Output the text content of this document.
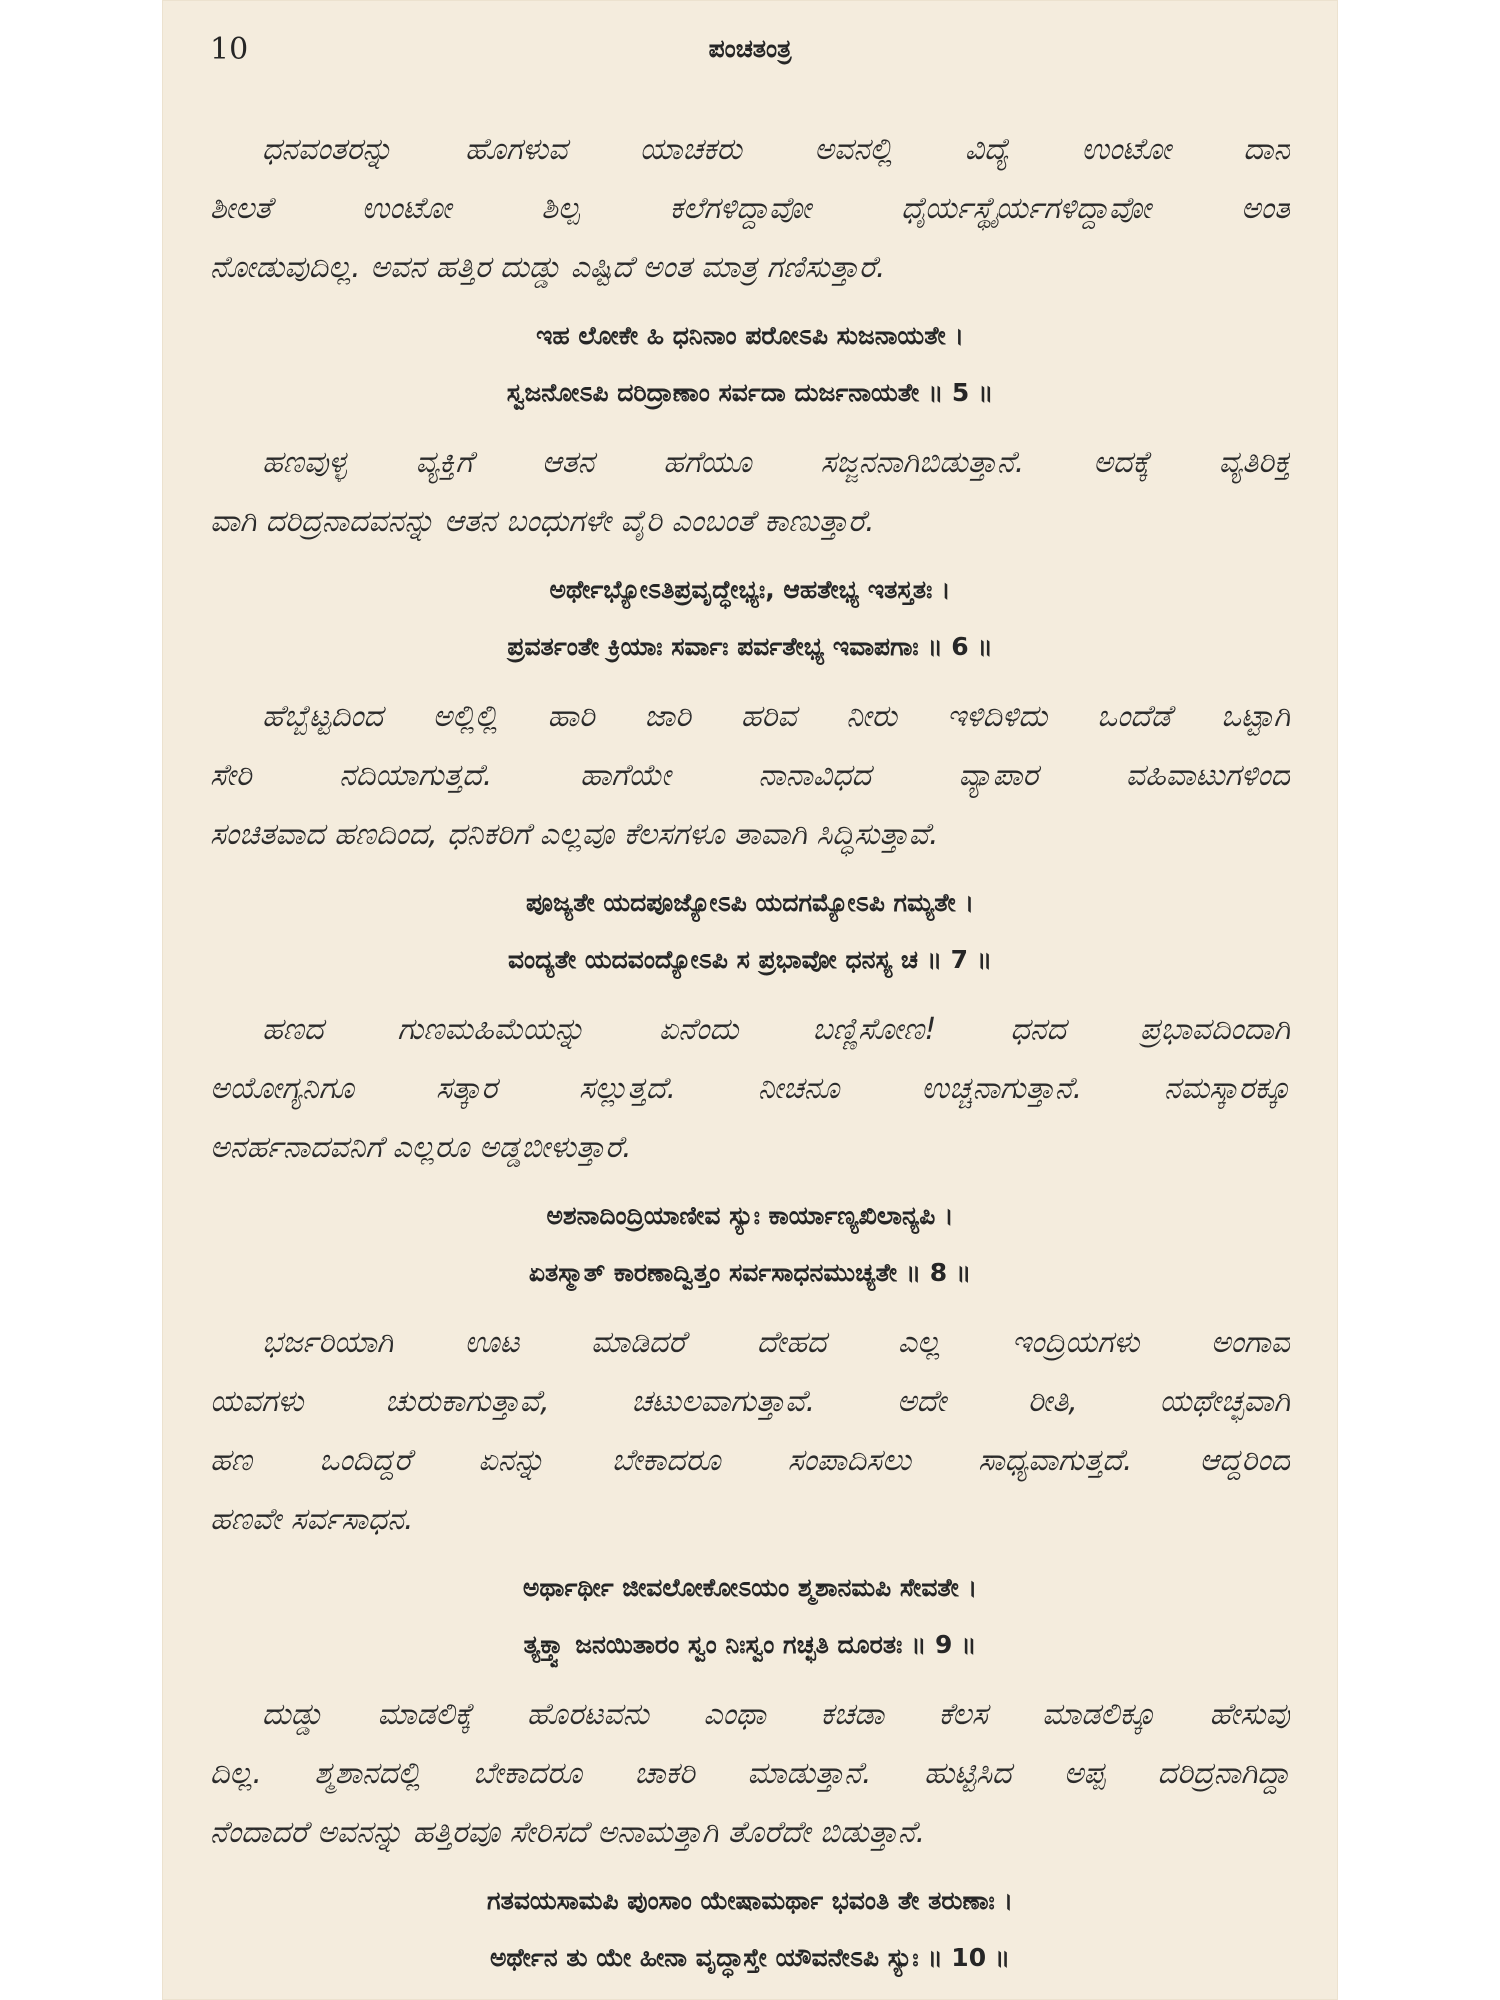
10	ಪಂಚತಂತ್ರ
ಧನವಂತರನ್ನು ಹೊಗಳುವ ಯಾಚಕರು ಅವನಲ್ಲಿ ವಿದ್ಯೆ ಉಂಟೋ ದಾನ
ಶೀಲತೆ ಉಂಟೋ ಶಿಲ್ಪ ಕಲೆಗಳಿದ್ದಾವೋ ಧೈರ್ಯಸ್ಥೈರ್ಯಗಳಿದ್ದಾವೋ ಅಂತ
ನೋಡುವುದಿಲ್ಲ. ಅವನ ಹತ್ತಿರ ದುಡ್ಡು ಎಷ್ಟಿದೆ ಅಂತ ಮಾತ್ರ ಗಣಿಸುತ್ತಾರೆ.
ಇಹ ಲೋಕೇ ಹಿ ಧನಿನಾಂ ಪರೋಽಪಿ ಸುಜನಾಯತೇ ।
ಸ್ವಜನೋಽಪಿ ದರಿದ್ರಾಣಾಂ ಸರ್ವದಾ ದುರ್ಜನಾಯತೇ ॥ 5 ॥
ಹಣವುಳ್ಳ ವ್ಯಕ್ತಿಗೆ ಆತನ ಹಗೆಯೂ ಸಜ್ಜನನಾಗಿಬಿಡುತ್ತಾನೆ. ಅದಕ್ಕೆ ವ್ಯತಿರಿಕ್ತ
ವಾಗಿ ದರಿದ್ರನಾದವನನ್ನು ಆತನ ಬಂಧುಗಳೇ ವೈರಿ ಎಂಬಂತೆ ಕಾಣುತ್ತಾರೆ.
ಅರ್ಥೇಭ್ಯೋಽತಿಪ್ರವೃದ್ಧೇಭ್ಯಃ, ಆಹತೇಭ್ಯ ಇತಸ್ತತಃ ।
ಪ್ರವರ್ತಂತೇ ಕ್ರಿಯಾಃ ಸರ್ವಾಃ ಪರ್ವತೇಭ್ಯ ಇವಾಪಗಾಃ ॥ 6 ॥
ಹೆಬ್ಬೆಟ್ಟದಿಂದ ಅಲ್ಲಿಲ್ಲಿ ಹಾರಿ ಜಾರಿ ಹರಿವ ನೀರು ಇಳಿದಿಳಿದು ಒಂದೆಡೆ ಒಟ್ಟಾಗಿ
ಸೇರಿ ನದಿಯಾಗುತ್ತದೆ. ಹಾಗೆಯೇ ನಾನಾವಿಧದ ವ್ಯಾಪಾರ ವಹಿವಾಟುಗಳಿಂದ
ಸಂಚಿತವಾದ ಹಣದಿಂದ, ಧನಿಕರಿಗೆ ಎಲ್ಲವೂ ಕೆಲಸಗಳೂ ತಾವಾಗಿ ಸಿದ್ಧಿಸುತ್ತಾವೆ.
ಪೂಜ್ಯತೇ ಯದಪೂಜ್ಯೋಽಪಿ ಯದಗಮ್ಯೋಽಪಿ ಗಮ್ಯತೇ ।
ವಂದ್ಯತೇ ಯದವಂದ್ಯೋಽಪಿ ಸ ಪ್ರಭಾವೋ ಧನಸ್ಯ ಚ ॥ 7 ॥
ಹಣದ ಗುಣಮಹಿಮೆಯನ್ನು ಏನೆಂದು ಬಣ್ಣಿಸೋಣ! ಧನದ ಪ್ರಭಾವದಿಂದಾಗಿ
ಅಯೋಗ್ಯನಿಗೂ ಸತ್ಕಾರ ಸಲ್ಲುತ್ತದೆ. ನೀಚನೂ ಉಚ್ಚನಾಗುತ್ತಾನೆ. ನಮಸ್ಕಾರಕ್ಕೂ
ಅನರ್ಹನಾದವನಿಗೆ ಎಲ್ಲರೂ ಅಡ್ಡಬೀಳುತ್ತಾರೆ.
ಅಶನಾದಿಂದ್ರಿಯಾಣೀವ ಸ್ಯುಃ ಕಾರ್ಯಾಣ್ಯಖಿಲಾನ್ಯಪಿ ।
ಏತಸ್ಮಾತ್ ಕಾರಣಾದ್ವಿತ್ತಂ ಸರ್ವಸಾಧನಮುಚ್ಯತೇ ॥ 8 ॥
ಭರ್ಜರಿಯಾಗಿ ಊಟ ಮಾಡಿದರೆ ದೇಹದ ಎಲ್ಲ ಇಂದ್ರಿಯಗಳು ಅಂಗಾವ
ಯವಗಳು ಚುರುಕಾಗುತ್ತಾವೆ, ಚಟುಲವಾಗುತ್ತಾವೆ. ಅದೇ ರೀತಿ, ಯಥೇಚ್ಛವಾಗಿ
ಹಣ ಒಂದಿದ್ದರೆ ಏನನ್ನು ಬೇಕಾದರೂ ಸಂಪಾದಿಸಲು ಸಾಧ್ಯವಾಗುತ್ತದೆ. ಆದ್ದರಿಂದ
ಹಣವೇ ಸರ್ವಸಾಧನ.
ಅರ್ಥಾರ್ಥೀ ಜೀವಲೋಕೋಽಯಂ ಶ್ಮಶಾನಮಪಿ ಸೇವತೇ ।
ತ್ಯಕ್ತ್ವಾ ಜನಯಿತಾರಂ ಸ್ವಂ ನಿಃಸ್ವಂ ಗಚ್ಛತಿ ದೂರತಃ ॥ 9 ॥
ದುಡ್ಡು ಮಾಡಲಿಕ್ಕೆ ಹೊರಟವನು ಎಂಥಾ ಕಚಡಾ ಕೆಲಸ ಮಾಡಲಿಕ್ಕೂ ಹೇಸುವು
ದಿಲ್ಲ. ಶ್ಮಶಾನದಲ್ಲಿ ಬೇಕಾದರೂ ಚಾಕರಿ ಮಾಡುತ್ತಾನೆ. ಹುಟ್ಟಿಸಿದ ಅಪ್ಪ ದರಿದ್ರನಾಗಿದ್ದಾ
ನೆಂದಾದರೆ ಅವನನ್ನು ಹತ್ತಿರವೂ ಸೇರಿಸದೆ ಅನಾಮತ್ತಾಗಿ ತೊರೆದೇ ಬಿಡುತ್ತಾನೆ.
ಗತವಯಸಾಮಪಿ ಪುಂಸಾಂ ಯೇಷಾಮರ್ಥಾ ಭವಂತಿ ತೇ ತರುಣಾಃ ।
ಅರ್ಥೇನ ತು ಯೇ ಹೀನಾ ವೃದ್ಧಾಸ್ತೇ ಯೌವನೇಽಪಿ ಸ್ಯುಃ ॥ 10 ॥
